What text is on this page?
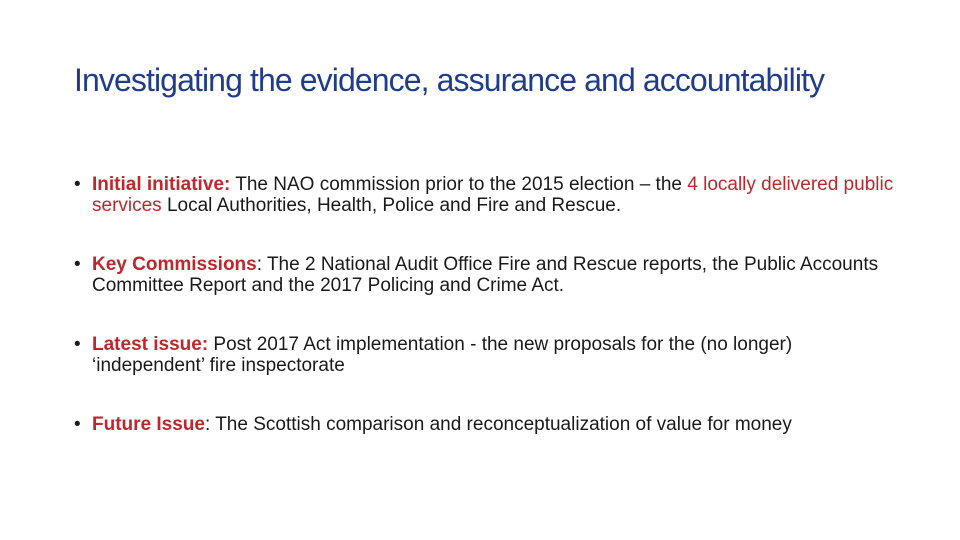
Investigating the evidence, assurance and accountability
• Initial initiative: The NAO commission prior to the 2015 election – the 4 locally delivered public services Local Authorities, Health, Police and Fire and Rescue.
• Key Commissions: The 2 National Audit Office Fire and Rescue reports, the Public Accounts Committee Report and the 2017 Policing and Crime Act.
• Latest issue: Post 2017 Act implementation - the new proposals for the (no longer) ‘independent’ fire inspectorate
• Future Issue: The Scottish comparison and reconceptualization of value for money
